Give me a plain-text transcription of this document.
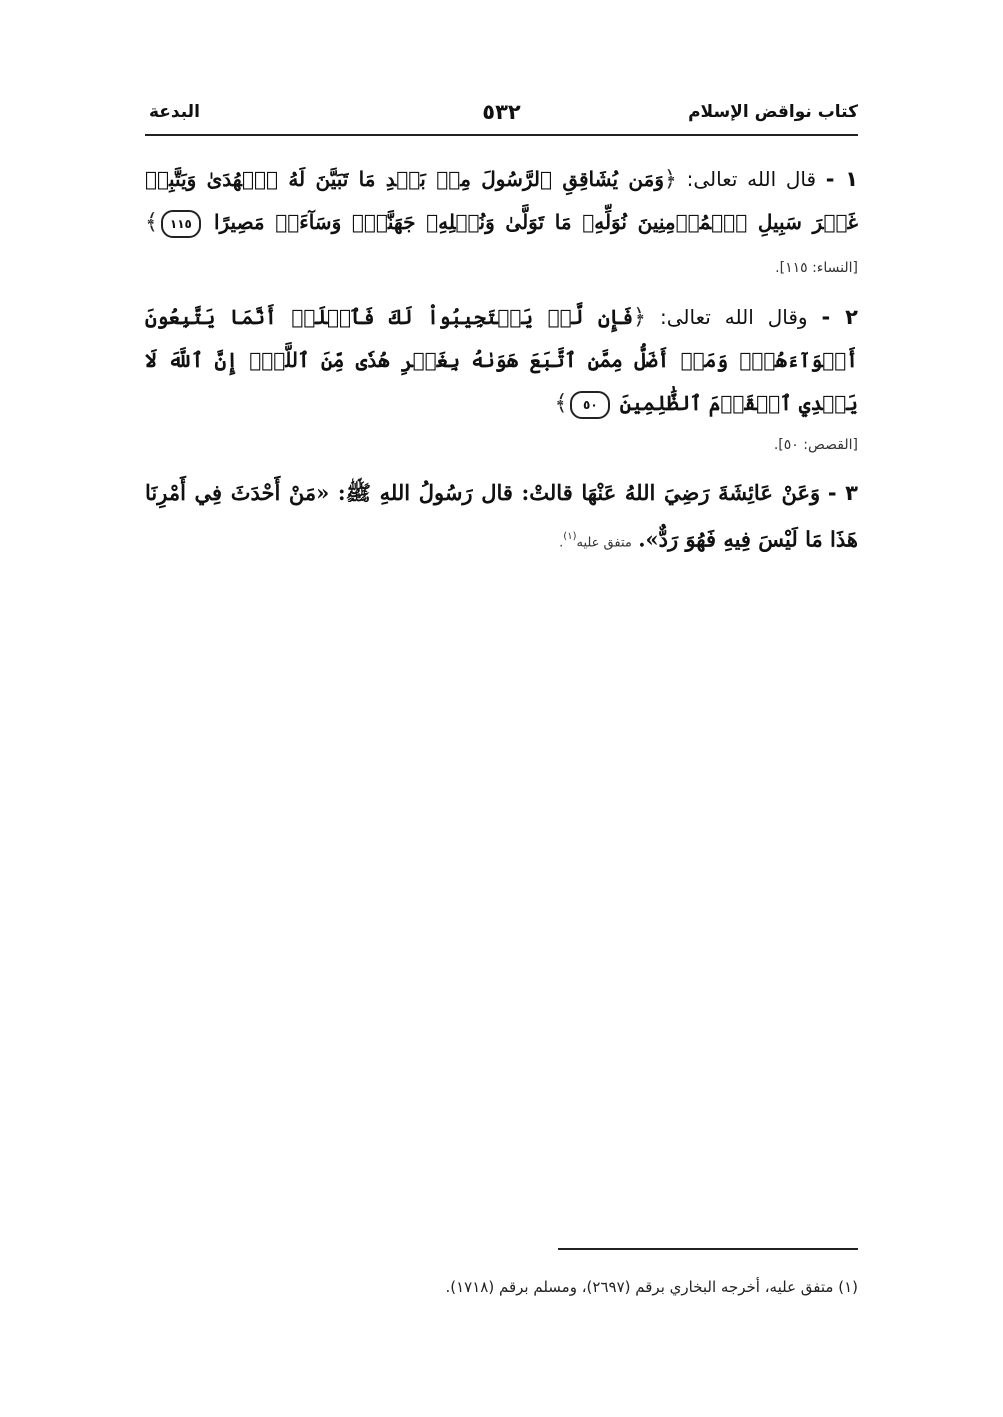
كتاب نواقض الإسلام
٥٣٢
البدعة

١ - قال الله تعالى: ﴿وَمَن يُشَاقِقِ ٱلرَّسُولَ مِنۢ بَعۡدِ مَا تَبَيَّنَ لَهُ ٱلۡهُدَىٰ وَيَتَّبِعۡ غَيۡرَ سَبِيلِ ٱلۡمُؤۡمِنِينَ نُوَلِّهِۦ مَا تَوَلَّىٰ وَنُصۡلِهِۦ جَهَنَّمَۖ وَسَآءَتۡ مَصِيرًا ١١٥﴾ [النساء: ١١٥].

٢ - وقال الله تعالى: ﴿فَإِن لَّمۡ يَسۡتَجِيبُواْ لَكَ فَٱعۡلَمۡ أَنَّمَا يَتَّبِعُونَ أَهۡوَآءَهُمۡۚ وَمَنۡ أَضَلُّ مِمَّنِ ٱتَّبَعَ هَوَىٰهُ بِغَيۡرِ هُدٗى مِّنَ ٱللَّهِۚ إِنَّ ٱللَّهَ لَا يَهۡدِي ٱلۡقَوۡمَ ٱلظَّٰلِمِينَ ٥٠﴾
[القصص: ٥٠].

٣ - وَعَنْ عَائِشَةَ رَضِيَ اللهُ عَنْهَا قالتْ: قال رَسُولُ اللهِ ﷺ: «مَنْ أَحْدَثَ فِي أَمْرِنَا هَذَا مَا لَيْسَ فِيهِ فَهُوَ رَدٌّ». متفق عليه$^{(١)}$.

(١) متفق عليه، أخرجه البخاري برقم (٢٦٩٧)، ومسلم برقم (١٧١٨).
